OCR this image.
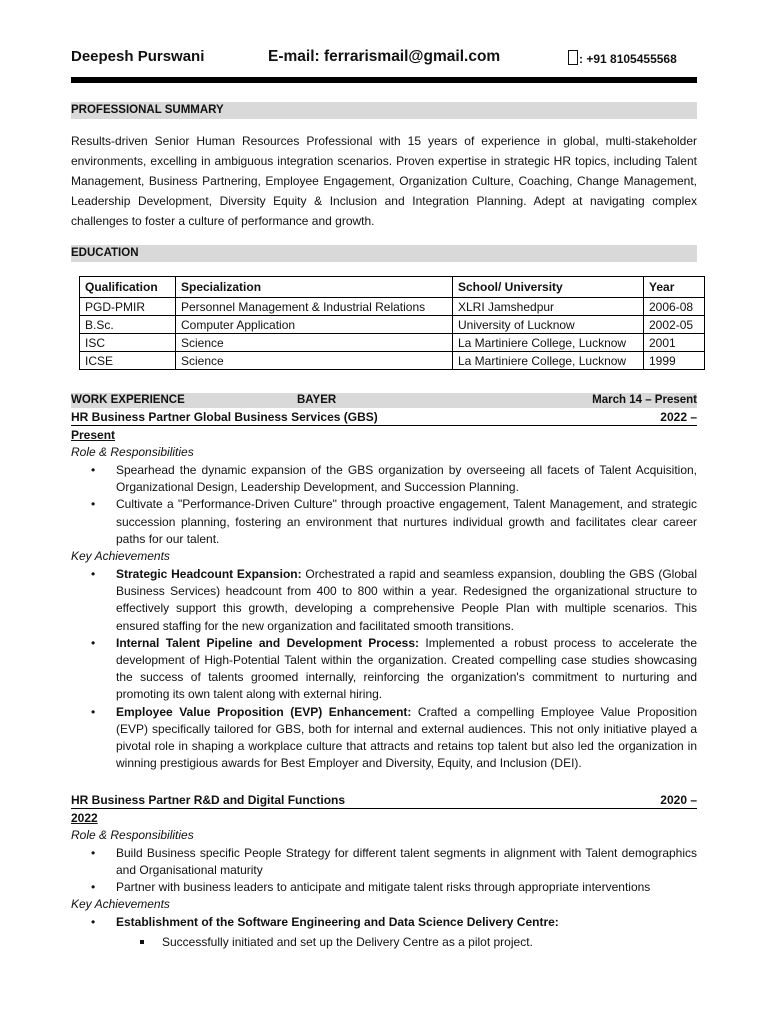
Deepesh Purswani	E-mail: ferrarismail@gmail.com	: +91 8105455568
PROFESSIONAL SUMMARY
Results-driven Senior Human Resources Professional with 15 years of experience in global, multi-stakeholder environments, excelling in ambiguous integration scenarios. Proven expertise in strategic HR topics, including Talent Management, Business Partnering, Employee Engagement, Organization Culture, Coaching, Change Management, Leadership Development, Diversity Equity & Inclusion and Integration Planning. Adept at navigating complex challenges to foster a culture of performance and growth.
EDUCATION
Qualification	Specialization	School/ University	Year
PGD-PMIR	Personnel Management & Industrial Relations	XLRI Jamshedpur	2006-08
B.Sc.	Computer Application	University of Lucknow	2002-05
ISC	Science	La Martiniere College, Lucknow	2001
ICSE	Science	La Martiniere College, Lucknow	1999
WORK EXPERIENCE	BAYER	March 14 – Present
HR Business Partner Global Business Services (GBS)	2022 –
Present
Role & Responsibilities
• Spearhead the dynamic expansion of the GBS organization by overseeing all facets of Talent Acquisition, Organizational Design, Leadership Development, and Succession Planning.
• Cultivate a "Performance-Driven Culture" through proactive engagement, Talent Management, and strategic succession planning, fostering an environment that nurtures individual growth and facilitates clear career paths for our talent.
Key Achievements
• Strategic Headcount Expansion: Orchestrated a rapid and seamless expansion, doubling the GBS (Global Business Services) headcount from 400 to 800 within a year. Redesigned the organizational structure to effectively support this growth, developing a comprehensive People Plan with multiple scenarios. This ensured staffing for the new organization and facilitated smooth transitions.
• Internal Talent Pipeline and Development Process: Implemented a robust process to accelerate the development of High-Potential Talent within the organization. Created compelling case studies showcasing the success of talents groomed internally, reinforcing the organization's commitment to nurturing and promoting its own talent along with external hiring.
• Employee Value Proposition (EVP) Enhancement: Crafted a compelling Employee Value Proposition (EVP) specifically tailored for GBS, both for internal and external audiences. This not only initiative played a pivotal role in shaping a workplace culture that attracts and retains top talent but also led the organization in winning prestigious awards for Best Employer and Diversity, Equity, and Inclusion (DEI).
HR Business Partner R&D and Digital Functions	2020 –
2022
Role & Responsibilities
• Build Business specific People Strategy for different talent segments in alignment with Talent demographics and Organisational maturity
• Partner with business leaders to anticipate and mitigate talent risks through appropriate interventions
Key Achievements
• Establishment of the Software Engineering and Data Science Delivery Centre:
Successfully initiated and set up the Delivery Centre as a pilot project.
